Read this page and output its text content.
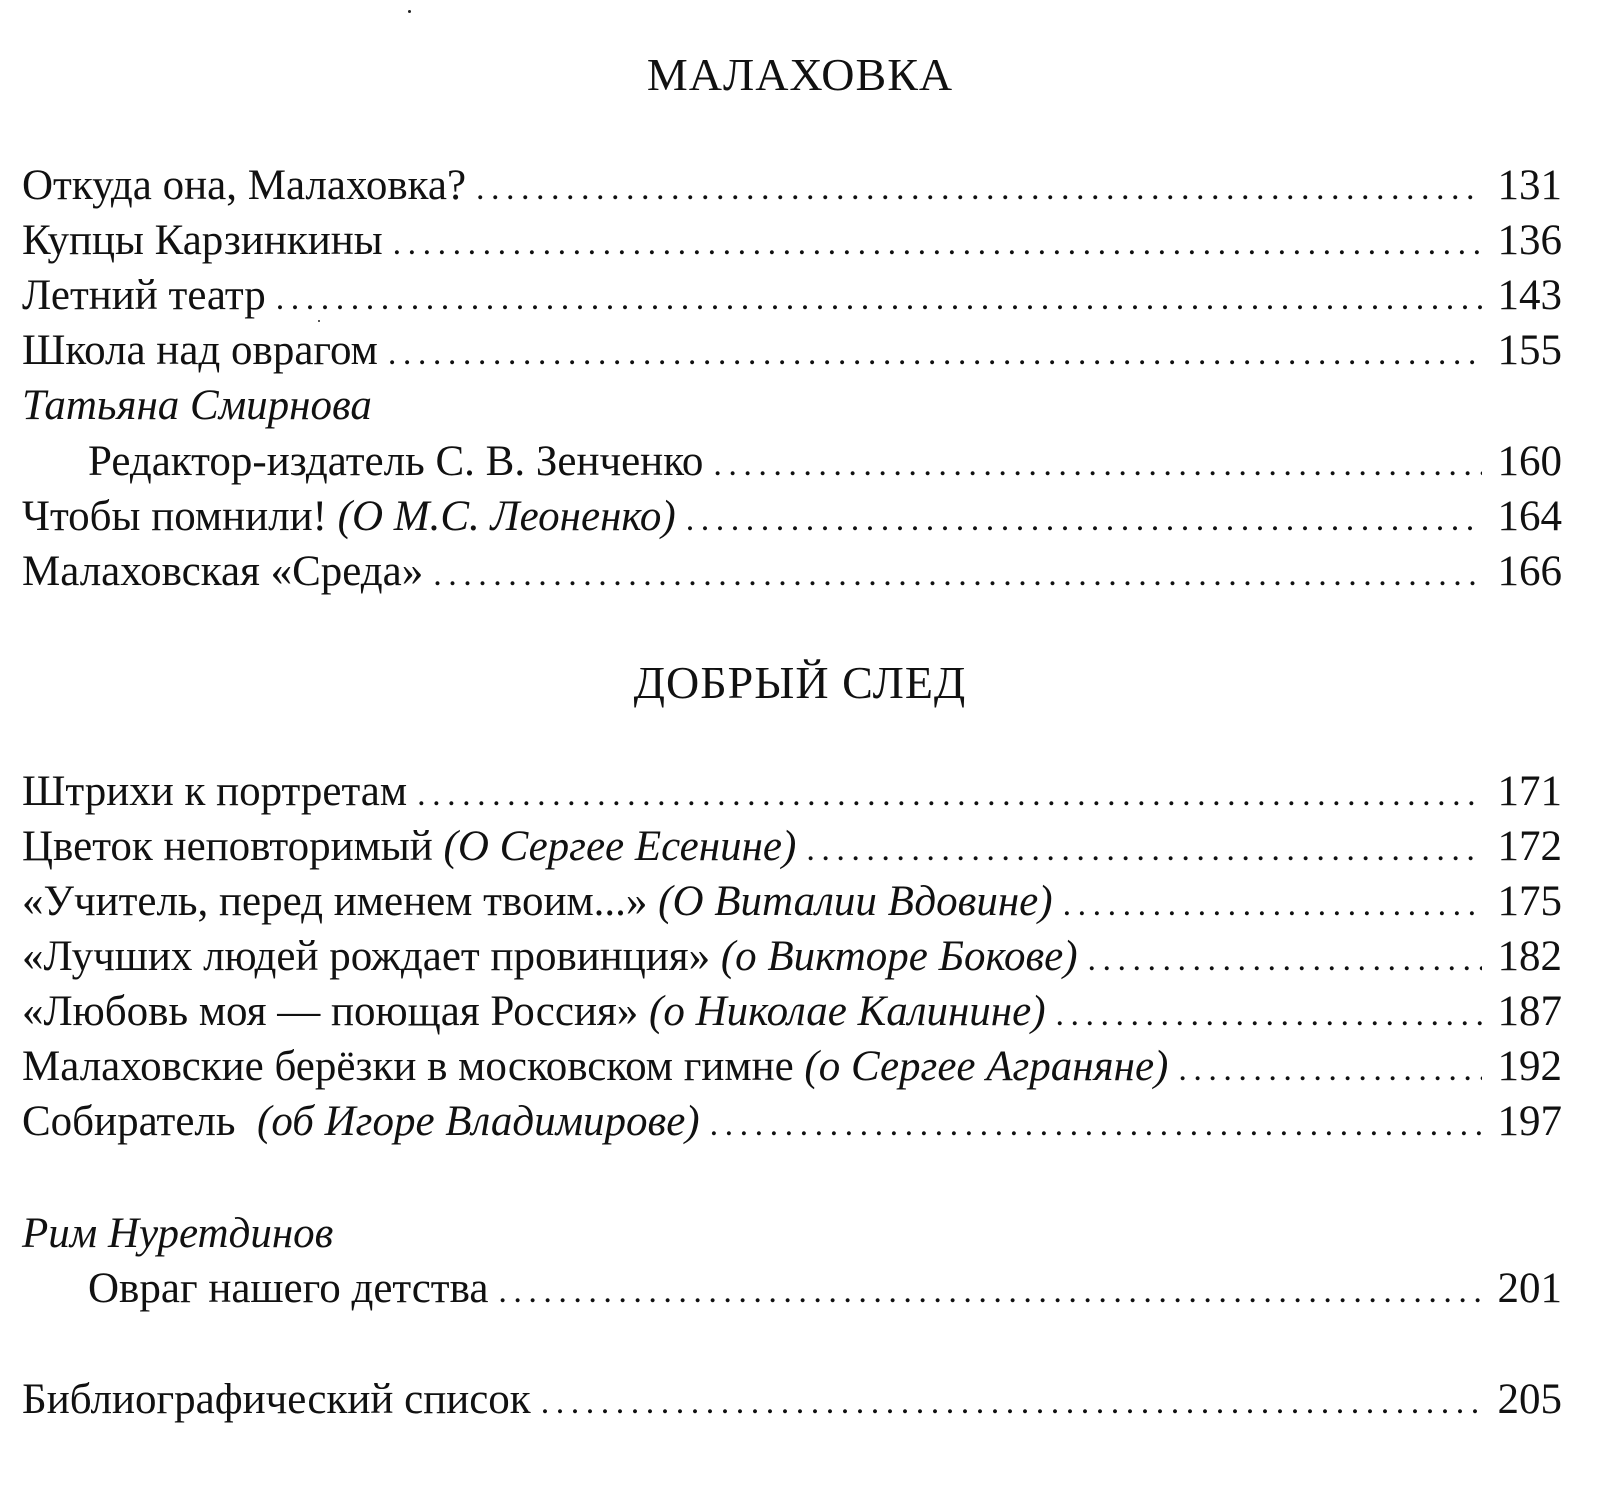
МАЛАХОВКА
Откуда она, Малаховка? . . .	131
Купцы Карзинкины . . .	136
Летний театр . . .	143
Школа над оврагом . . .	155
Татьяна Смирнова
Редактор-издатель С. В. Зенченко . . .	160
Чтобы помнили! (О М.С. Леоненко) . . .	164
Малаховская «Среда» . . .	166
ДОБРЫЙ СЛЕД
Штрихи к портретам . . .	171
Цветок неповторимый (О Сергее Есенине) . . .	172
«Учитель, перед именем твоим...» (О Виталии Вдовине) . . .	175
«Лучших людей рождает провинция» (о Викторе Бокове) . . .	182
«Любовь моя — поющая Россия» (о Николае Калинине) . . .	187
Малаховские берёзки в московском гимне (о Сергее Аграняне) . . .	192
Собиратель (об Игоре Владимирове) . . .	197
Рим Нуретдинов
Овраг нашего детства . . .	201
Библиографический список . . .	205
